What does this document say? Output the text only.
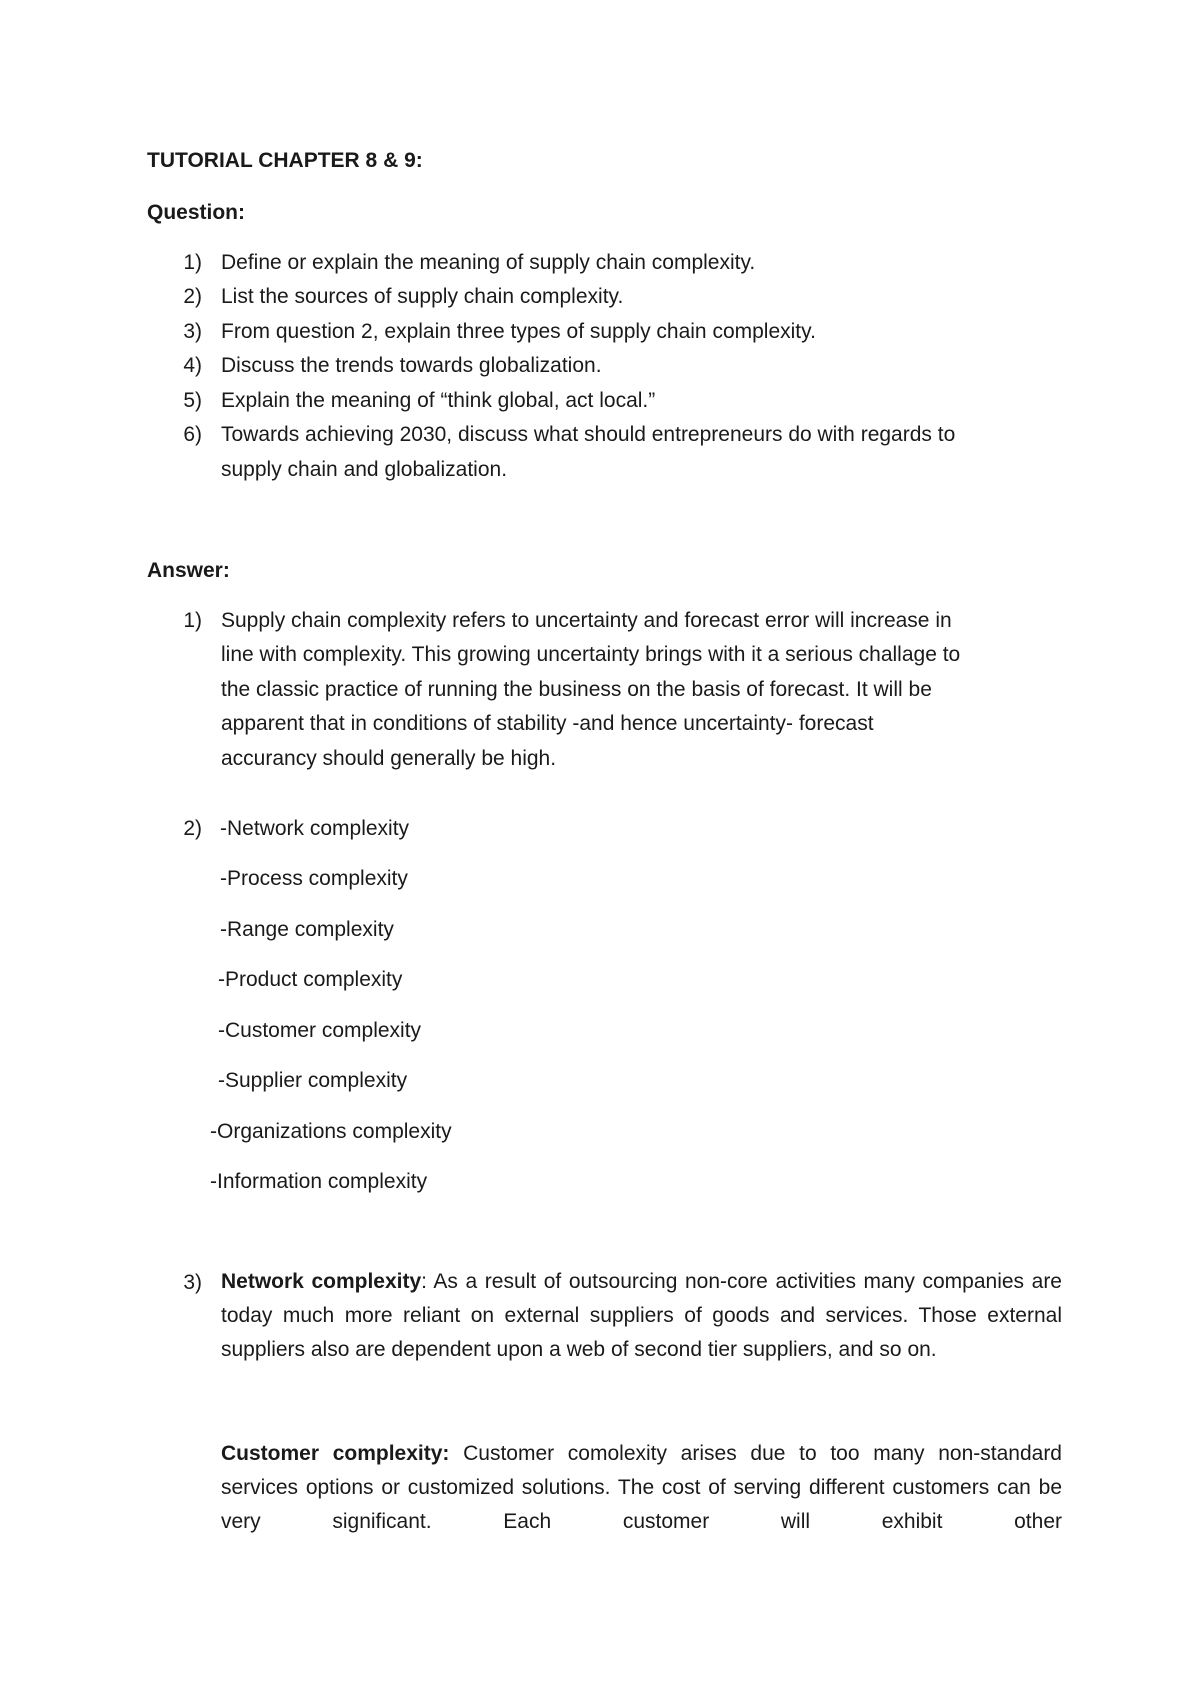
TUTORIAL CHAPTER 8 & 9:
Question:
1) Define or explain the meaning of supply chain complexity.
2) List the sources of supply chain complexity.
3) From question 2, explain three types of supply chain complexity.
4) Discuss the trends towards globalization.
5) Explain the meaning of “think global, act local.”
6) Towards achieving 2030, discuss what should entrepreneurs do with regards to
supply chain and globalization.
Answer:
1) Supply chain complexity refers to uncertainty and forecast error will increase in
line with complexity. This growing uncertainty brings with it a serious challage to
the classic practice of running the business on the basis of forecast. It will be
apparent that in conditions of stability -and hence uncertainty- forecast
accurancy should generally be high.
2) -Network complexity
-Process complexity
-Range complexity
-Product complexity
-Customer complexity
-Supplier complexity
-Organizations complexity
-Information complexity
3) Network complexity: As a result of outsourcing non-core activities many companies are today much more reliant on external suppliers of goods and services. Those external suppliers also are dependent upon a web of second tier suppliers, and so on.
Customer complexity: Customer comolexity arises due to too many non-standard services options or customized solutions. The cost of serving different customers can be very significant. Each customer will exhibit other
